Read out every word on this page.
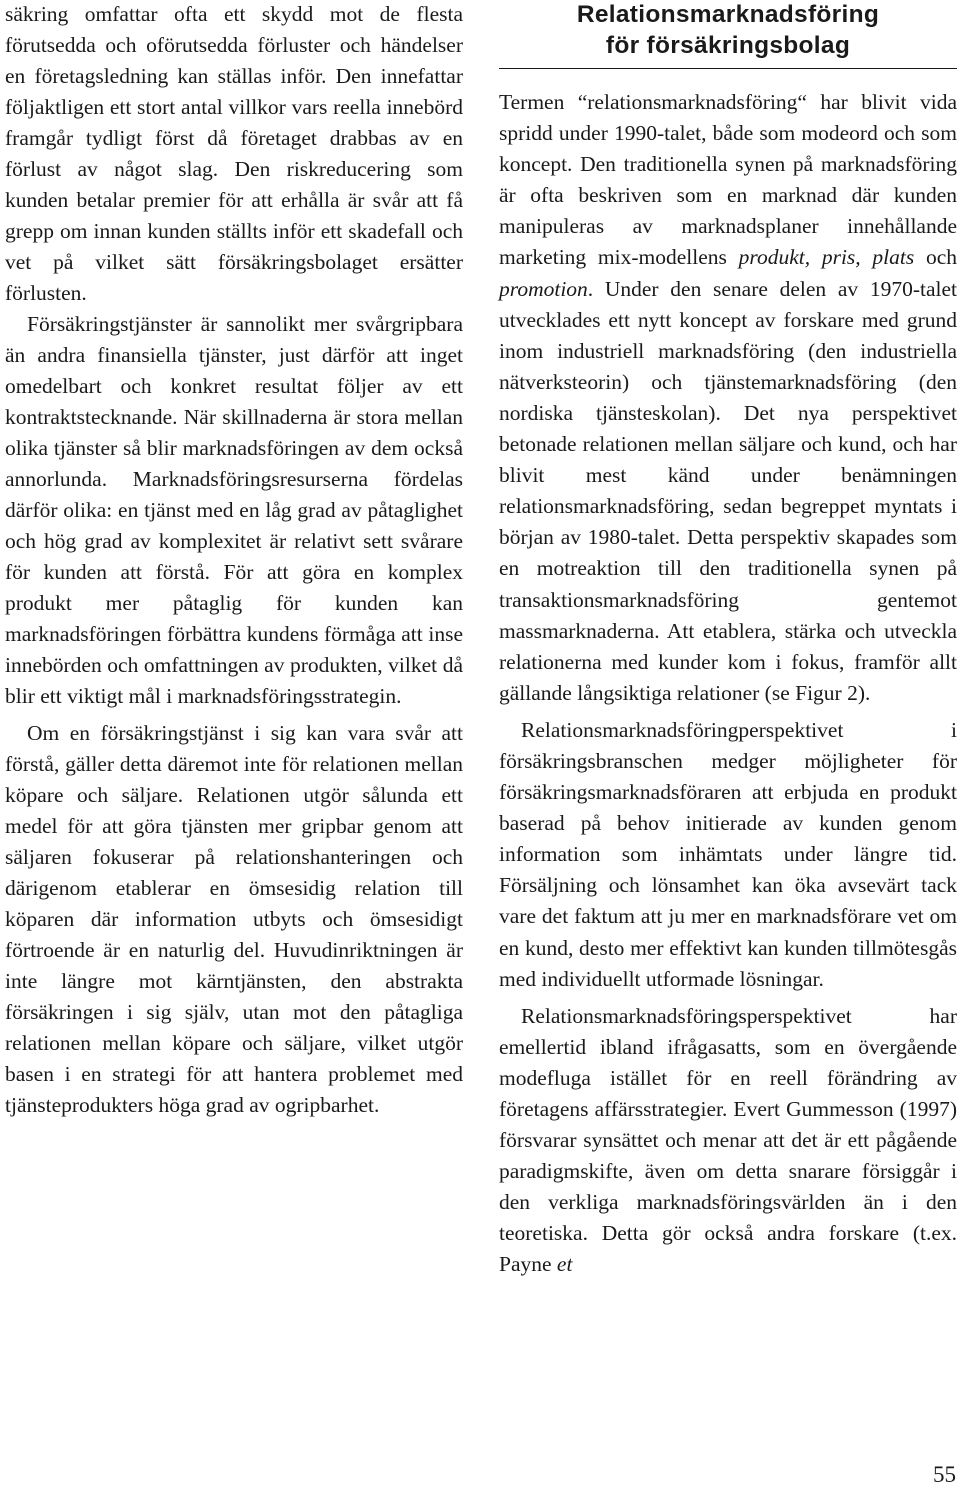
säkring omfattar ofta ett skydd mot de flesta förutsedda och oförutsedda förluster och händelser en företagsledning kan ställas inför. Den innefattar följaktligen ett stort antal villkor vars reella innebörd framgår tydligt först då företaget drabbas av en förlust av något slag. Den riskreducering som kunden betalar premier för att erhålla är svår att få grepp om innan kunden ställts inför ett skadefall och vet på vilket sätt försäkringsbolaget ersätter förlusten.

Försäkringstjänster är sannolikt mer svårgripbara än andra finansiella tjänster, just därför att inget omedelbart och konkret resultat följer av ett kontraktstecknande. När skillnaderna är stora mellan olika tjänster så blir marknadsföringen av dem också annorlunda. Marknadsföringsresurserna fördelas därför olika: en tjänst med en låg grad av påtaglighet och hög grad av komplexitet är relativt sett svårare för kunden att förstå. För att göra en komplex produkt mer påtaglig för kunden kan marknadsföringen förbättra kundens förmåga att inse innebörden och omfattningen av produkten, vilket då blir ett viktigt mål i marknadsföringsstrategin.

Om en försäkringstjänst i sig kan vara svår att förstå, gäller detta däremot inte för relationen mellan köpare och säljare. Relationen utgör sålunda ett medel för att göra tjänsten mer gripbar genom att säljaren fokuserar på relationshanteringen och därigenom etablerar en ömsesidig relation till köparen där information utbyts och ömsesidigt förtroende är en naturlig del. Huvudinriktningen är inte längre mot kärntjänsten, den abstrakta försäkringen i sig själv, utan mot den påtagliga relationen mellan köpare och säljare, vilket utgör basen i en strategi för att hantera problemet med tjänsteprodukters höga grad av ogripbarhet.

Relationsmarknadsföring
för försäkringsbolag

Termen “relationsmarknadsföring“ har blivit vida spridd under 1990-talet, både som modeord och som koncept. Den traditionella synen på marknadsföring är ofta beskriven som en marknad där kunden manipuleras av marknadsplaner innehållande marketing mix-modellens produkt, pris, plats och promotion. Under den senare delen av 1970-talet utvecklades ett nytt koncept av forskare med grund inom industriell marknadsföring (den industriella nätverksteorin) och tjänstemarknadsföring (den nordiska tjänsteskolan). Det nya perspektivet betonade relationen mellan säljare och kund, och har blivit mest känd under benämningen relationsmarknadsföring, sedan begreppet myntats i början av 1980-talet. Detta perspektiv skapades som en motreaktion till den traditionella synen på transaktionsmarknadsföring gentemot massmarknaderna. Att etablera, stärka och utveckla relationerna med kunder kom i fokus, framför allt gällande långsiktiga relationer (se Figur 2).

Relationsmarknadsföringperspektivet i försäkringsbranschen medger möjligheter för försäkringsmarknadsföraren att erbjuda en produkt baserad på behov initierade av kunden genom information som inhämtats under längre tid. Försäljning och lönsamhet kan öka avsevärt tack vare det faktum att ju mer en marknadsförare vet om en kund, desto mer effektivt kan kunden tillmötesgås med individuellt utformade lösningar.

Relationsmarknadsföringsperspektivet har emellertid ibland ifrågasatts, som en övergående modefluga istället för en reell förändring av företagens affärsstrategier. Evert Gummesson (1997) försvarar synsättet och menar att det är ett pågående paradigmskifte, även om detta snarare försiggår i den verkliga marknadsföringsvärlden än i den teoretiska. Detta gör också andra forskare (t.ex. Payne et

55
